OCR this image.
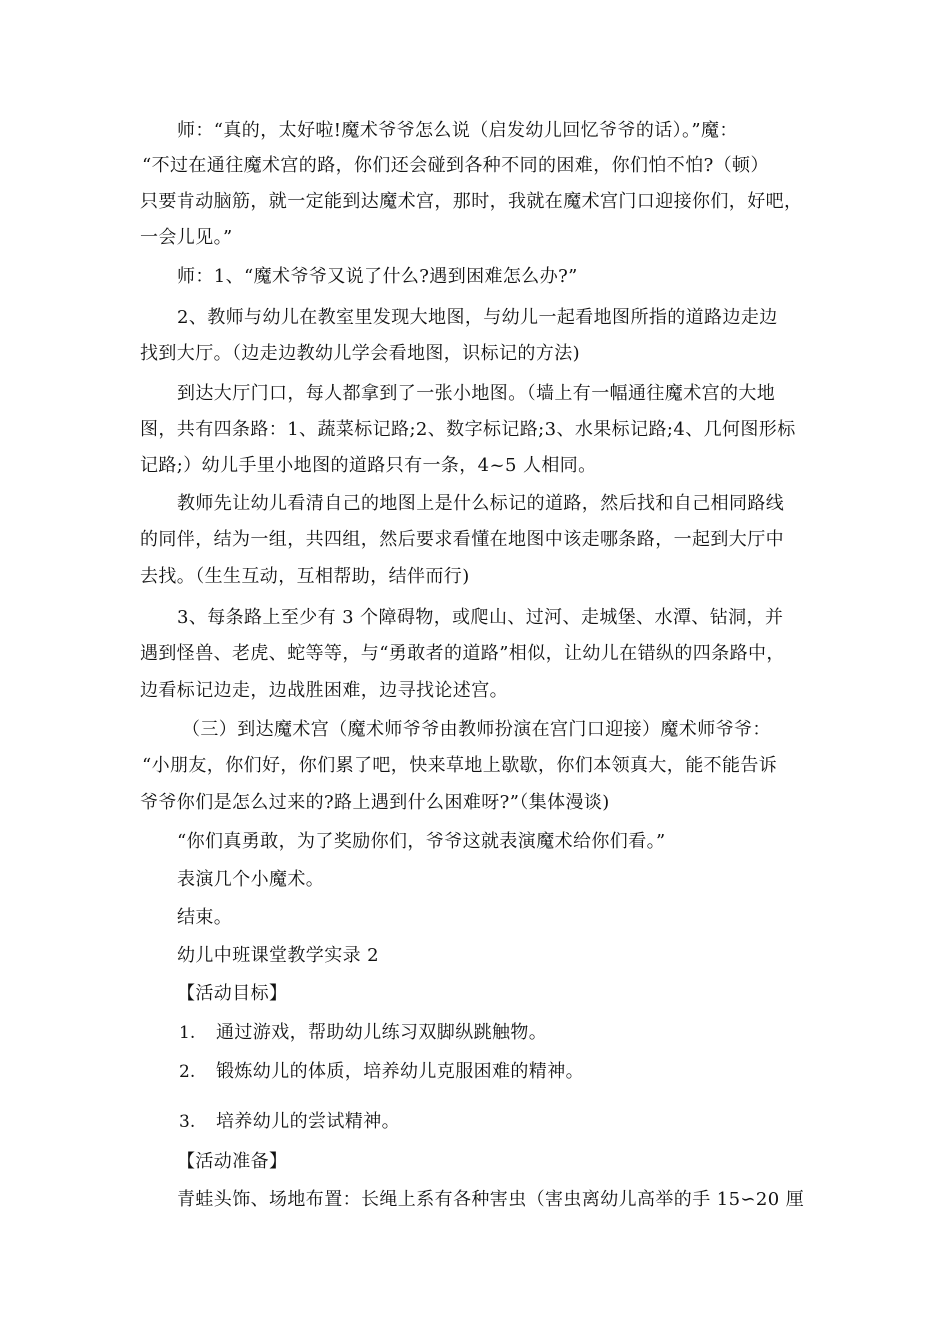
师：“真的，太好啦!魔术爷爷怎么说（启发幼儿回忆爷爷的话）。”魔：
“不过在通往魔术宫的路，你们还会碰到各种不同的困难，你们怕不怕?（顿）
只要肯动脑筋，就一定能到达魔术宫，那时，我就在魔术宫门口迎接你们，好吧，
一会儿见。”
师：1、“魔术爷爷又说了什么?遇到困难怎么办?”
2、教师与幼儿在教室里发现大地图，与幼儿一起看地图所指的道路边走边
找到大厅。（边走边教幼儿学会看地图，识标记的方法)
到达大厅门口，每人都拿到了一张小地图。（墙上有一幅通往魔术宫的大地
图，共有四条路：1、蔬菜标记路;2、数字标记路;3、水果标记路;4、几何图形标
记路;）幼儿手里小地图的道路只有一条，4~5 人相同。
教师先让幼儿看清自己的地图上是什么标记的道路，然后找和自己相同路线
的同伴，结为一组，共四组，然后要求看懂在地图中该走哪条路，一起到大厅中
去找。（生生互动，互相帮助，结伴而行)
3、每条路上至少有 3 个障碍物，或爬山、过河、走城堡、水潭、钻洞，并
遇到怪兽、老虎、蛇等等，与“勇敢者的道路”相似，让幼儿在错纵的四条路中，
边看标记边走，边战胜困难，边寻找论述宫。
（三）到达魔术宫（魔术师爷爷由教师扮演在宫门口迎接）魔术师爷爷：
“小朋友，你们好，你们累了吧，快来草地上歇歇，你们本领真大，能不能告诉
爷爷你们是怎么过来的?路上遇到什么困难呀?”（集体漫谈)
“你们真勇敢，为了奖励你们，爷爷这就表演魔术给你们看。”
表演几个小魔术。
结束。
幼儿中班课堂教学实录 2
【活动目标】
1. 通过游戏，帮助幼儿练习双脚纵跳触物。
2. 锻炼幼儿的体质，培养幼儿克服困难的精神。
3. 培养幼儿的尝试精神。
【活动准备】
青蛙头饰、场地布置：长绳上系有各种害虫（害虫离幼儿高举的手 15∽20 厘
